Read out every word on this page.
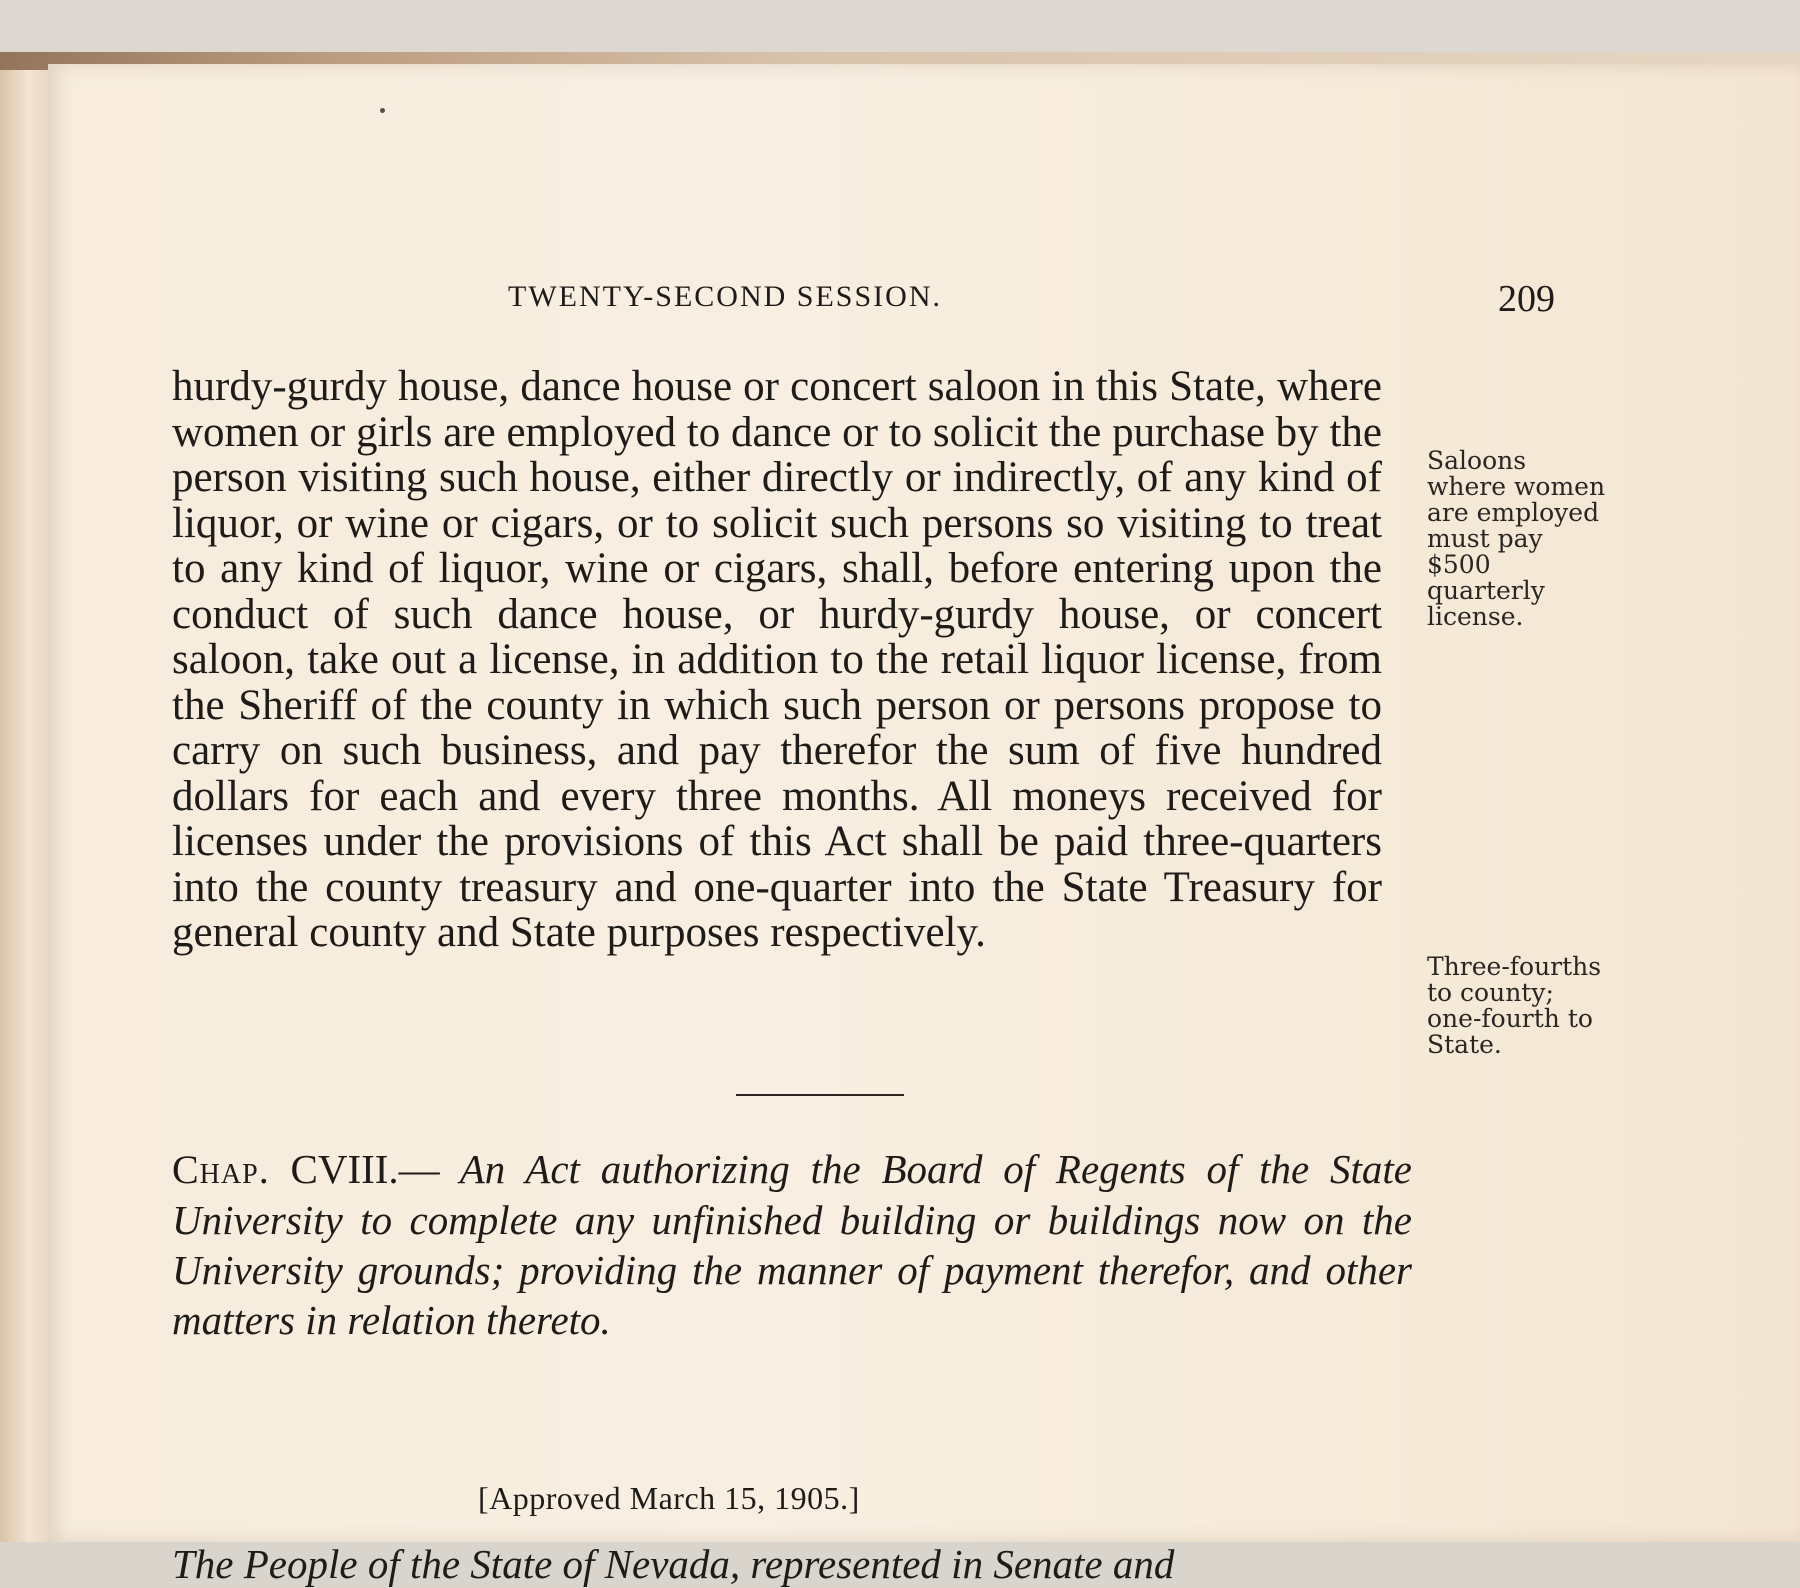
TWENTY-SECOND SESSION.	209

hurdy-gurdy house, dance house or concert saloon in this State, where women or girls are employed to dance or to solicit the purchase by the person visiting such house, either directly or indirectly, of any kind of liquor, or wine or cigars, or to solicit such persons so visiting to treat to any kind of liquor, wine or cigars, shall, before entering upon the conduct of such dance house, or hurdy-gurdy house, or concert saloon, take out a license, in addition to the retail liquor license, from the Sheriff of the county in which such person or persons propose to carry on such business, and pay therefor the sum of five hundred dollars for each and every three months. All moneys received for licenses under the provisions of this Act shall be paid three-quarters into the county treasury and one-quarter into the State Treasury for general county and State purposes respectively.

Saloons where women are employed must pay $500 quarterly license.
Three-fourths to county; one-fourth to State.

Chap. CVIII.— An Act authorizing the Board of Regents of the State University to complete any unfinished building or buildings now on the University grounds; providing the manner of payment therefor, and other matters in relation thereto.

[Approved March 15, 1905.]
The People of the State of Nevada, represented in Senate and
